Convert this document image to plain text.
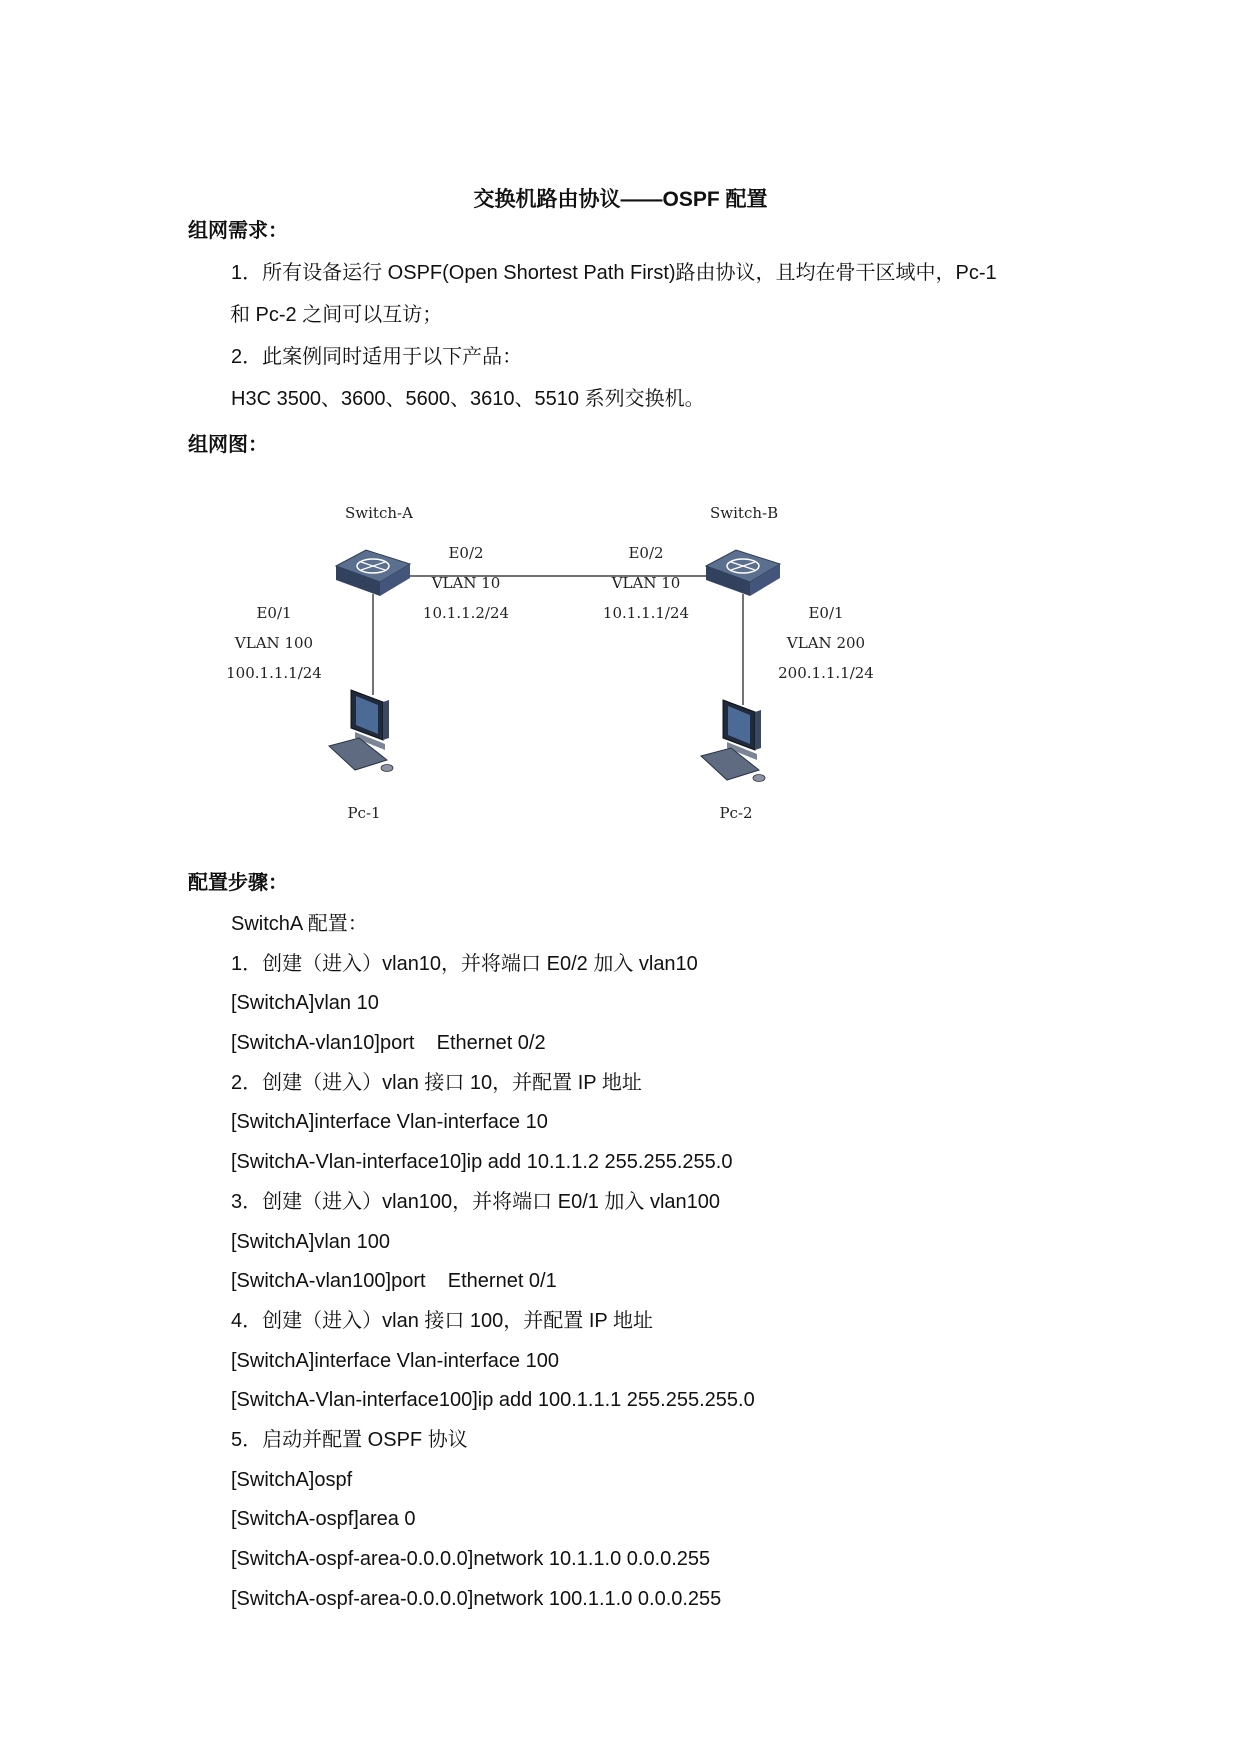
交换机路由协议——OSPF 配置
组网需求：
1．所有设备运行 OSPF(Open Shortest Path First)路由协议，且均在骨干区域中，Pc-1
和 Pc-2 之间可以互访；
2．此案例同时适用于以下产品：
H3C 3500、3600、5600、3610、5510 系列交换机。
组网图：
Switch-A	Switch-B
E0/2
VLAN 10
10.1.1.2/24
E0/2
VLAN 10
10.1.1.1/24
E0/1
VLAN 100
100.1.1.1/24
E0/1
VLAN 200
200.1.1.1/24
Pc-1	Pc-2
配置步骤：
SwitchA 配置：
1．创建（进入）vlan10，并将端口 E0/2 加入 vlan10
[SwitchA]vlan 10
[SwitchA-vlan10]port    Ethernet 0/2
2．创建（进入）vlan 接口 10，并配置 IP 地址
[SwitchA]interface Vlan-interface 10
[SwitchA-Vlan-interface10]ip add 10.1.1.2 255.255.255.0
3．创建（进入）vlan100，并将端口 E0/1 加入 vlan100
[SwitchA]vlan 100
[SwitchA-vlan100]port    Ethernet 0/1
4．创建（进入）vlan 接口 100，并配置 IP 地址
[SwitchA]interface Vlan-interface 100
[SwitchA-Vlan-interface100]ip add 100.1.1.1 255.255.255.0
5．启动并配置 OSPF 协议
[SwitchA]ospf
[SwitchA-ospf]area 0
[SwitchA-ospf-area-0.0.0.0]network 10.1.1.0 0.0.0.255
[SwitchA-ospf-area-0.0.0.0]network 100.1.1.0 0.0.0.255
